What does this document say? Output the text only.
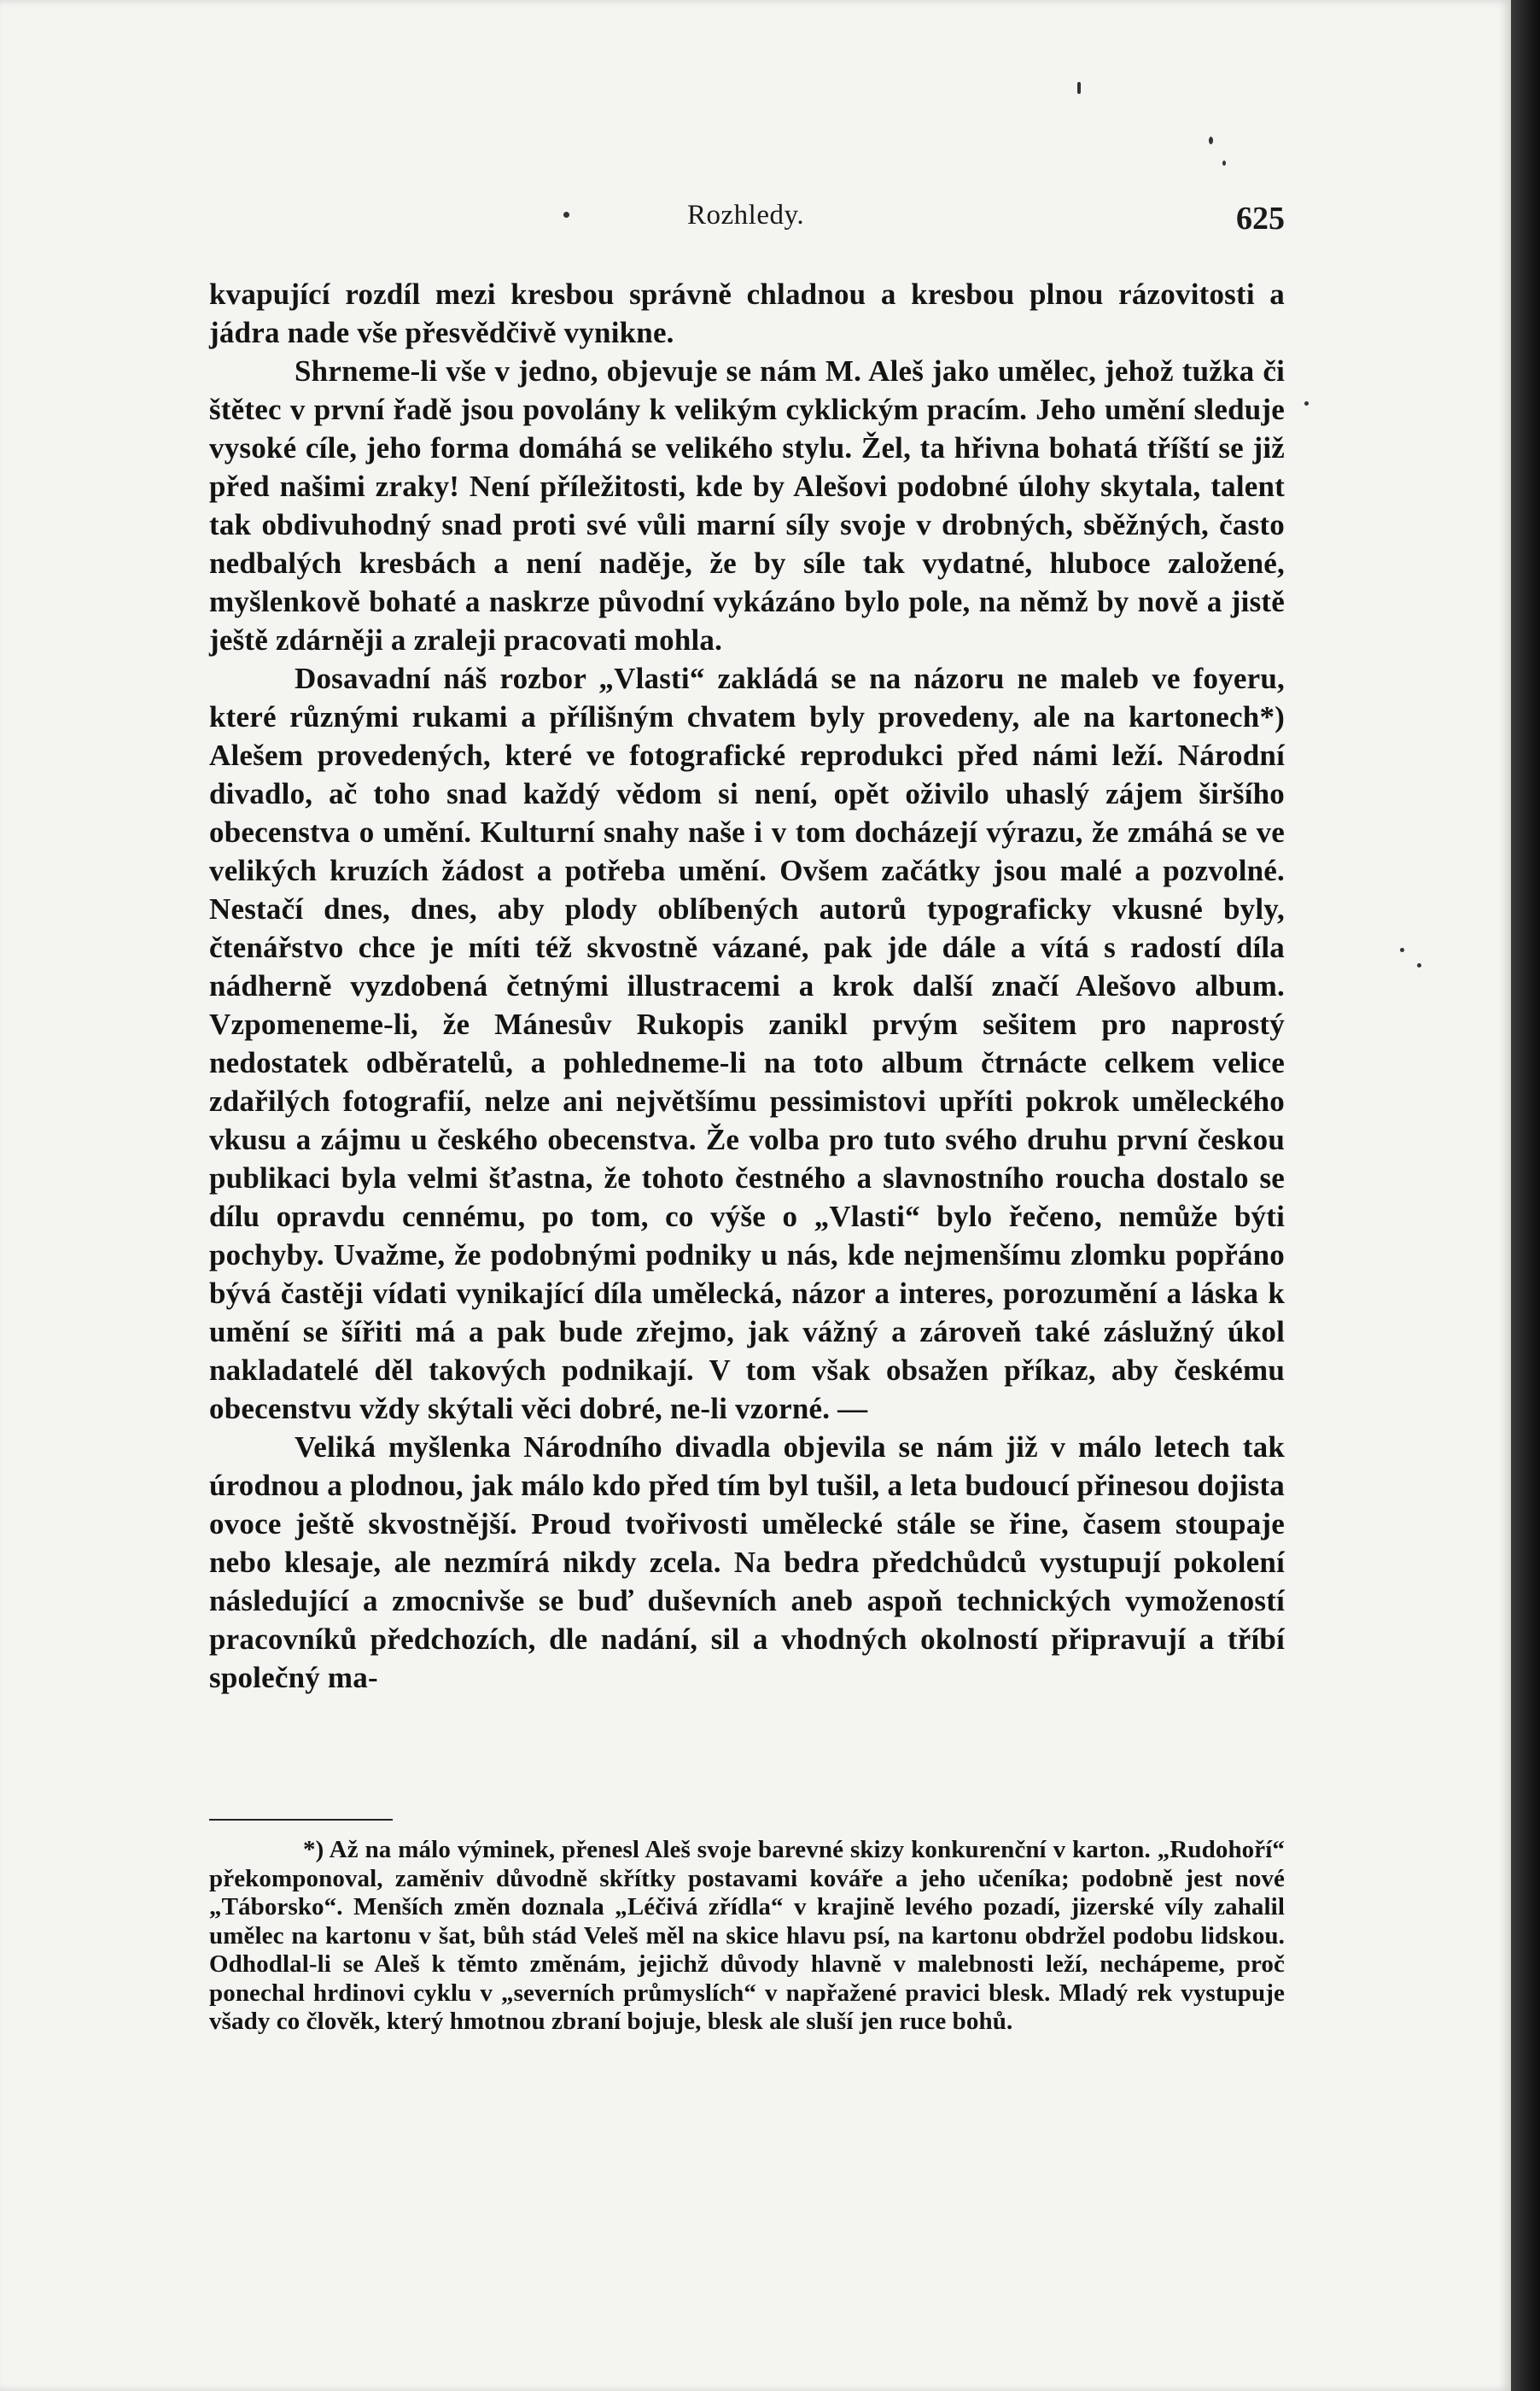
Rozhledy.	625

kvapující rozdíl mezi kresbou správně chladnou a kresbou plnou rázovitosti a jádra nade vše přesvědčivě vynikne.

Shrneme-li vše v jedno, objevuje se nám M. Aleš jako umělec, jehož tužka či štětec v první řadě jsou povolány k velikým cyklickým pracím. Jeho umění sleduje vysoké cíle, jeho forma domáhá se velikého stylu. Žel, ta hřivna bohatá tříští se již před našimi zraky! Není příležitosti, kde by Alešovi podobné úlohy skytala, talent tak obdivuhodný snad proti své vůli marní síly svoje v drobných, sběžných, často nedbalých kresbách a není naděje, že by síle tak vydatné, hluboce založené, myšlenkově bohaté a naskrze původní vykázáno bylo pole, na němž by nově a jistě ještě zdárněji a zraleji pracovati mohla.

Dosavadní náš rozbor „Vlasti“ zakládá se na názoru ne maleb ve foyeru, které různými rukami a přílišným chvatem byly provedeny, ale na kartonech*) Alešem provedených, které ve fotografické reprodukci před námi leží. Národní divadlo, ač toho snad každý vědom si není, opět oživilo uhaslý zájem širšího obecenstva o umění. Kulturní snahy naše i v tom docházejí výrazu, že zmáhá se ve velikých kruzích žádost a potřeba umění. Ovšem začátky jsou malé a pozvolné. Nestačí dnes, dnes, aby plody oblíbených autorů typograficky vkusné byly, čtenářstvo chce je míti též skvostně vázané, pak jde dále a vítá s radostí díla nádherně vyzdobená četnými illustracemi a krok další značí Alešovo album. Vzpomeneme-li, že Mánesův Rukopis zanikl prvým sešitem pro naprostý nedostatek odběratelů, a pohledneme-li na toto album čtrnácte celkem velice zdařilých fotografií, nelze ani největšímu pessimistovi upříti pokrok uměleckého vkusu a zájmu u českého obecenstva. Že volba pro tuto svého druhu první českou publikaci byla velmi šťastna, že tohoto čestného a slavnostního roucha dostalo se dílu opravdu cennému, po tom, co výše o „Vlasti“ bylo řečeno, nemůže býti pochyby. Uvažme, že podobnými podniky u nás, kde nejmenšímu zlomku popřáno bývá častěji vídati vynikající díla umělecká, názor a interes, porozumění a láska k umění se šířiti má a pak bude zřejmo, jak vážný a zároveň také záslužný úkol nakladatelé děl takových podnikají. V tom však obsažen příkaz, aby českému obecenstvu vždy skýtali věci dobré, ne-li vzorné. —

Veliká myšlenka Národního divadla objevila se nám již v málo letech tak úrodnou a plodnou, jak málo kdo před tím byl tušil, a leta budoucí přinesou dojista ovoce ještě skvostnější. Proud tvořivosti umělecké stále se řine, časem stoupaje nebo klesaje, ale nezmírá nikdy zcela. Na bedra předchůdců vystupují pokolení následující a zmocnivše se buď duševních aneb aspoň technických vymožeností pracovníků předchozích, dle nadání, sil a vhodných okolností připravují a tříbí společný ma-

*) Až na málo výminek, přenesl Aleš svoje barevné skizy konkurenční v karton. „Rudohoří“ překomponoval, zaměniv důvodně skřítky postavami kováře a jeho učeníka; podobně jest nové „Táborsko“. Menších změn doznala „Léčivá zřídla“ v krajině levého pozadí, jizerské víly zahalil umělec na kartonu v šat, bůh stád Veleš měl na skice hlavu psí, na kartonu obdržel podobu lidskou. Odhodlal-li se Aleš k těmto změnám, jejichž důvody hlavně v malebnosti leží, nechápeme, proč ponechal hrdinovi cyklu v „severních průmyslích“ v napřažené pravici blesk. Mladý rek vystupuje všady co člověk, který hmotnou zbraní bojuje, blesk ale sluší jen ruce bohů.
